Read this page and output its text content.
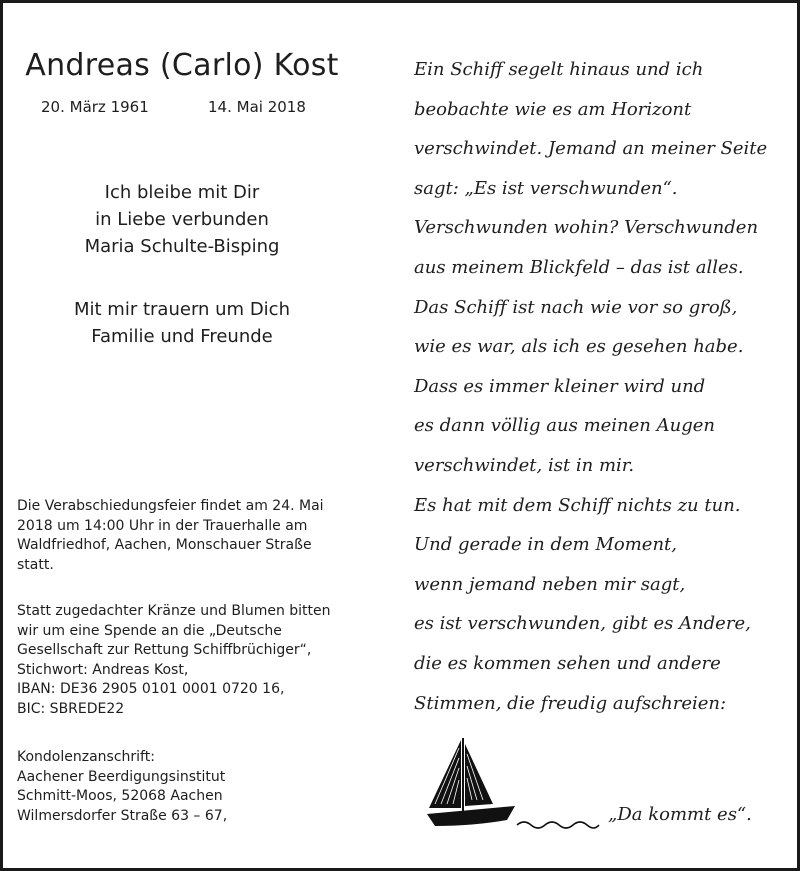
Andreas (Carlo) Kost
20. März 1961	14. Mai 2018
Ich bleibe mit Dir
in Liebe verbunden
Maria Schulte-Bisping
Mit mir trauern um Dich
Familie und Freunde
Die Verabschiedungsfeier findet am 24. Mai
2018 um 14:00 Uhr in der Trauerhalle am
Waldfriedhof, Aachen, Monschauer Straße
statt.
Statt zugedachter Kränze und Blumen bitten
wir um eine Spende an die „Deutsche
Gesellschaft zur Rettung Schiffbrüchiger“,
Stichwort: Andreas Kost,
IBAN: DE36 2905 0101 0001 0720 16,
BIC: SBREDE22
Kondolenzanschrift:
Aachener Beerdigungsinstitut
Schmitt-Moos, 52068 Aachen
Wilmersdorfer Straße 63 – 67,
Ein Schiff segelt hinaus und ich
beobachte wie es am Horizont
verschwindet. Jemand an meiner Seite
sagt: „Es ist verschwunden“.
Verschwunden wohin? Verschwunden
aus meinem Blickfeld – das ist alles.
Das Schiff ist nach wie vor so groß,
wie es war, als ich es gesehen habe.
Dass es immer kleiner wird und
es dann völlig aus meinen Augen
verschwindet, ist in mir.
Es hat mit dem Schiff nichts zu tun.
Und gerade in dem Moment,
wenn jemand neben mir sagt,
es ist verschwunden, gibt es Andere,
die es kommen sehen und andere
Stimmen, die freudig aufschreien:
„Da kommt es“.
